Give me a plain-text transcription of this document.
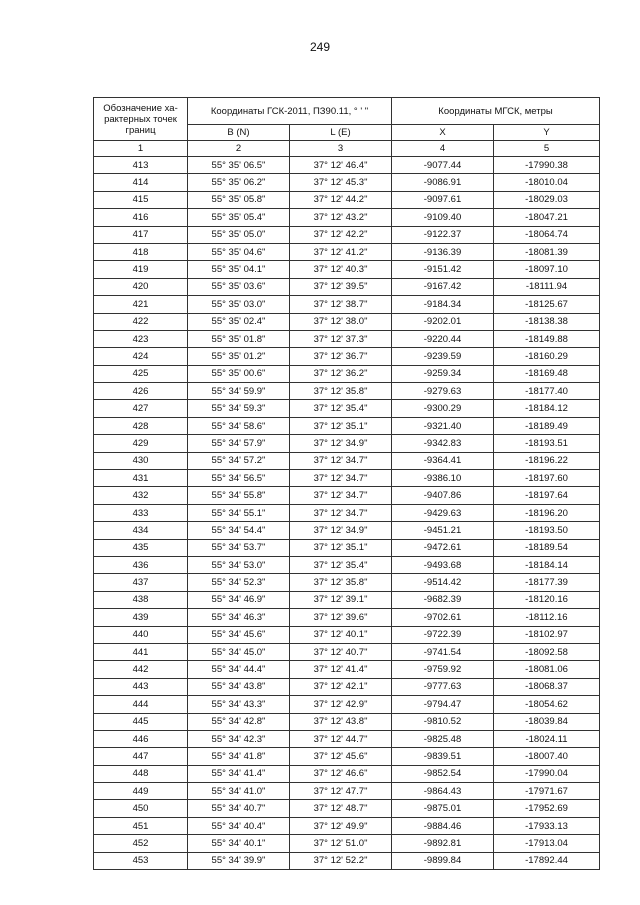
249
Обозначение ха-рактерных точек границ	Координаты ГСК-2011, ПЗ90.11, ° ' "		Координаты МГСК, метры	
	B (N)	L (E)	X	Y
1	2	3	4	5
413	55° 35' 06.5"	37° 12' 46.4"	-9077.44	-17990.38
414	55° 35' 06.2"	37° 12' 45.3"	-9086.91	-18010.04
415	55° 35' 05.8"	37° 12' 44.2"	-9097.61	-18029.03
416	55° 35' 05.4"	37° 12' 43.2"	-9109.40	-18047.21
417	55° 35' 05.0"	37° 12' 42.2"	-9122.37	-18064.74
418	55° 35' 04.6"	37° 12' 41.2"	-9136.39	-18081.39
419	55° 35' 04.1"	37° 12' 40.3"	-9151.42	-18097.10
420	55° 35' 03.6"	37° 12' 39.5"	-9167.42	-18111.94
421	55° 35' 03.0"	37° 12' 38.7"	-9184.34	-18125.67
422	55° 35' 02.4"	37° 12' 38.0"	-9202.01	-18138.38
423	55° 35' 01.8"	37° 12' 37.3"	-9220.44	-18149.88
424	55° 35' 01.2"	37° 12' 36.7"	-9239.59	-18160.29
425	55° 35' 00.6"	37° 12' 36.2"	-9259.34	-18169.48
426	55° 34' 59.9"	37° 12' 35.8"	-9279.63	-18177.40
427	55° 34' 59.3"	37° 12' 35.4"	-9300.29	-18184.12
428	55° 34' 58.6"	37° 12' 35.1"	-9321.40	-18189.49
429	55° 34' 57.9"	37° 12' 34.9"	-9342.83	-18193.51
430	55° 34' 57.2"	37° 12' 34.7"	-9364.41	-18196.22
431	55° 34' 56.5"	37° 12' 34.7"	-9386.10	-18197.60
432	55° 34' 55.8"	37° 12' 34.7"	-9407.86	-18197.64
433	55° 34' 55.1"	37° 12' 34.7"	-9429.63	-18196.20
434	55° 34' 54.4"	37° 12' 34.9"	-9451.21	-18193.50
435	55° 34' 53.7"	37° 12' 35.1"	-9472.61	-18189.54
436	55° 34' 53.0"	37° 12' 35.4"	-9493.68	-18184.14
437	55° 34' 52.3"	37° 12' 35.8"	-9514.42	-18177.39
438	55° 34' 46.9"	37° 12' 39.1"	-9682.39	-18120.16
439	55° 34' 46.3"	37° 12' 39.6"	-9702.61	-18112.16
440	55° 34' 45.6"	37° 12' 40.1"	-9722.39	-18102.97
441	55° 34' 45.0"	37° 12' 40.7"	-9741.54	-18092.58
442	55° 34' 44.4"	37° 12' 41.4"	-9759.92	-18081.06
443	55° 34' 43.8"	37° 12' 42.1"	-9777.63	-18068.37
444	55° 34' 43.3"	37° 12' 42.9"	-9794.47	-18054.62
445	55° 34' 42.8"	37° 12' 43.8"	-9810.52	-18039.84
446	55° 34' 42.3"	37° 12' 44.7"	-9825.48	-18024.11
447	55° 34' 41.8"	37° 12' 45.6"	-9839.51	-18007.40
448	55° 34' 41.4"	37° 12' 46.6"	-9852.54	-17990.04
449	55° 34' 41.0"	37° 12' 47.7"	-9864.43	-17971.67
450	55° 34' 40.7"	37° 12' 48.7"	-9875.01	-17952.69
451	55° 34' 40.4"	37° 12' 49.9"	-9884.46	-17933.13
452	55° 34' 40.1"	37° 12' 51.0"	-9892.81	-17913.04
453	55° 34' 39.9"	37° 12' 52.2"	-9899.84	-17892.44
